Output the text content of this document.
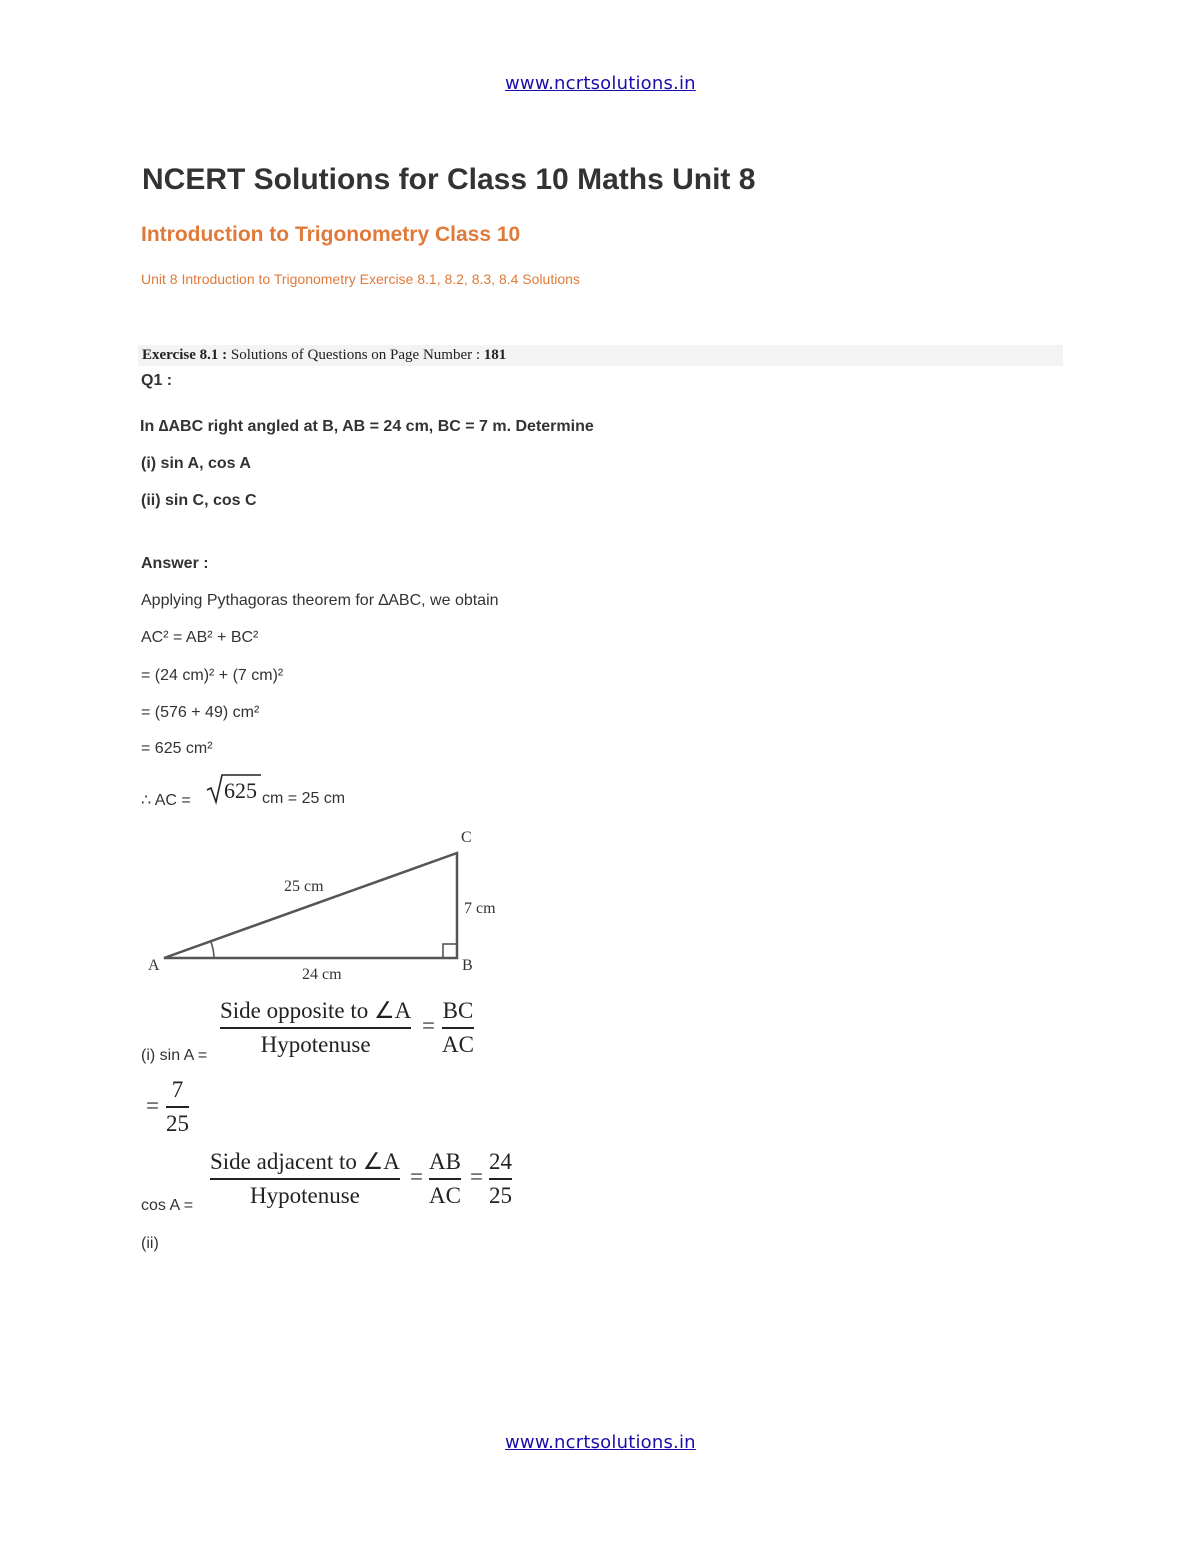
www.ncrtsolutions.in
NCERT Solutions for Class 10 Maths Unit 8
Introduction to Trigonometry Class 10
Unit 8 Introduction to Trigonometry Exercise 8.1, 8.2, 8.3, 8.4 Solutions
Exercise 8.1 : Solutions of Questions on Page Number : 181
Q1 :
In ∆ABC right angled at B, AB = 24 cm, BC = 7 m. Determine
(i) sin A, cos A
(ii) sin C, cos C
Answer :
Applying Pythagoras theorem for ∆ABC, we obtain
AC² = AB² + BC²
= (24 cm)² + (7 cm)²
= (576 + 49) cm²
= 625 cm²
∴ AC = 625 cm = 25 cm
A	B
C
25 cm
24 cm
7 cm
(i) sin A =
Side opposite to ∠A
Hypotenuse
=
BC
AC
=
7
25
cos A =
Side adjacent to ∠A
Hypotenuse
=
AB
AC
=
24
25
(ii)
www.ncrtsolutions.in
